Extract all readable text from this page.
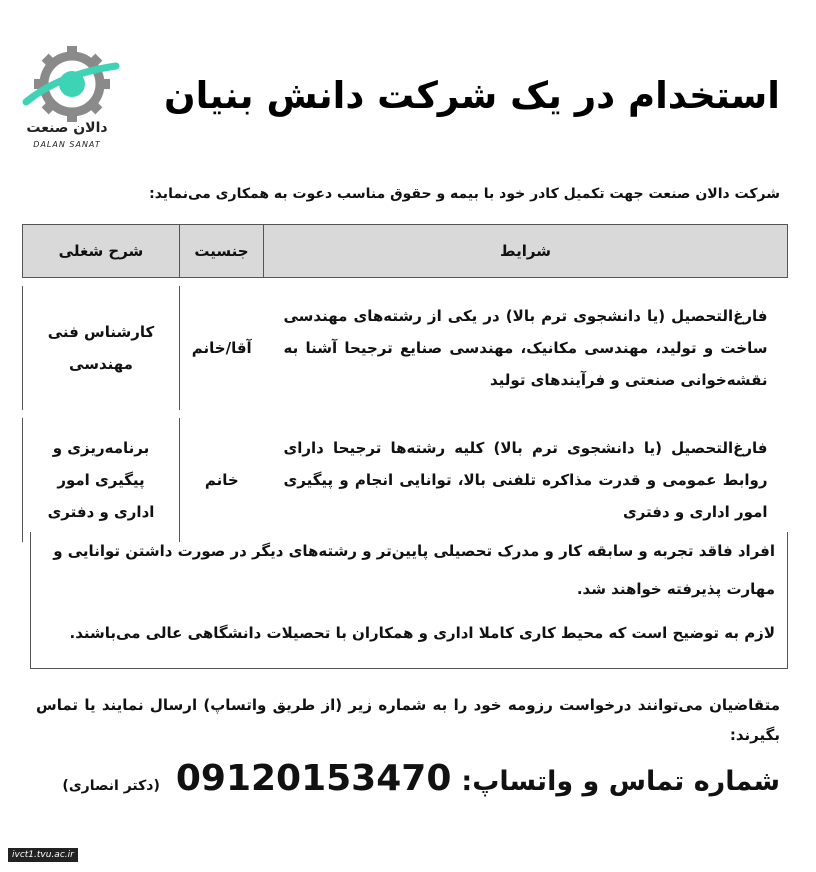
دالان صنعت
DALAN SANAT
استخدام در یک شرکت دانش بنیان
شرکت دالان صنعت جهت تکمیل کادر خود با بیمه و حقوق مناسب دعوت به همکاری می‌نماید:
شرایط	جنسیت	شرح شغلی

فارغ‌التحصیل (یا دانشجوی ترم بالا) در یکی از رشته‌های مهندسی ساخت و تولید، مهندسی مکانیک، مهندسی صنایع ترجیحا آشنا به نقشه‌خوانی صنعتی و فرآیندهای تولید	آقا/خانم	کارشناس فنی
مهندسی

فارغ‌التحصیل (یا دانشجوی ترم بالا) کلیه رشته‌ها ترجیحا دارای روابط عمومی و قدرت مذاکره تلفنی بالا، توانایی انجام و پیگیری امور اداری و دفتری	خانم	برنامه‌ریزی و
پیگیری امور
اداری و دفتری

افراد فاقد تجربه و سابقه کار و مدرک تحصیلی پایین‌تر و رشته‌های دیگر در صورت داشتن توانایی و مهارت پذیرفته خواهند شد.

لازم به توضیح است که محیط کاری کاملا اداری و همکاران با تحصیلات دانشگاهی عالی می‌باشند.

متقاضیان می‌توانند درخواست رزومه خود را به شماره زیر (از طریق واتساپ) ارسال نمایند یا تماس بگیرند:
شماره تماس و واتساپ:
09120153470
(دکتر انصاری)
ivct1.tvu.ac.ir
